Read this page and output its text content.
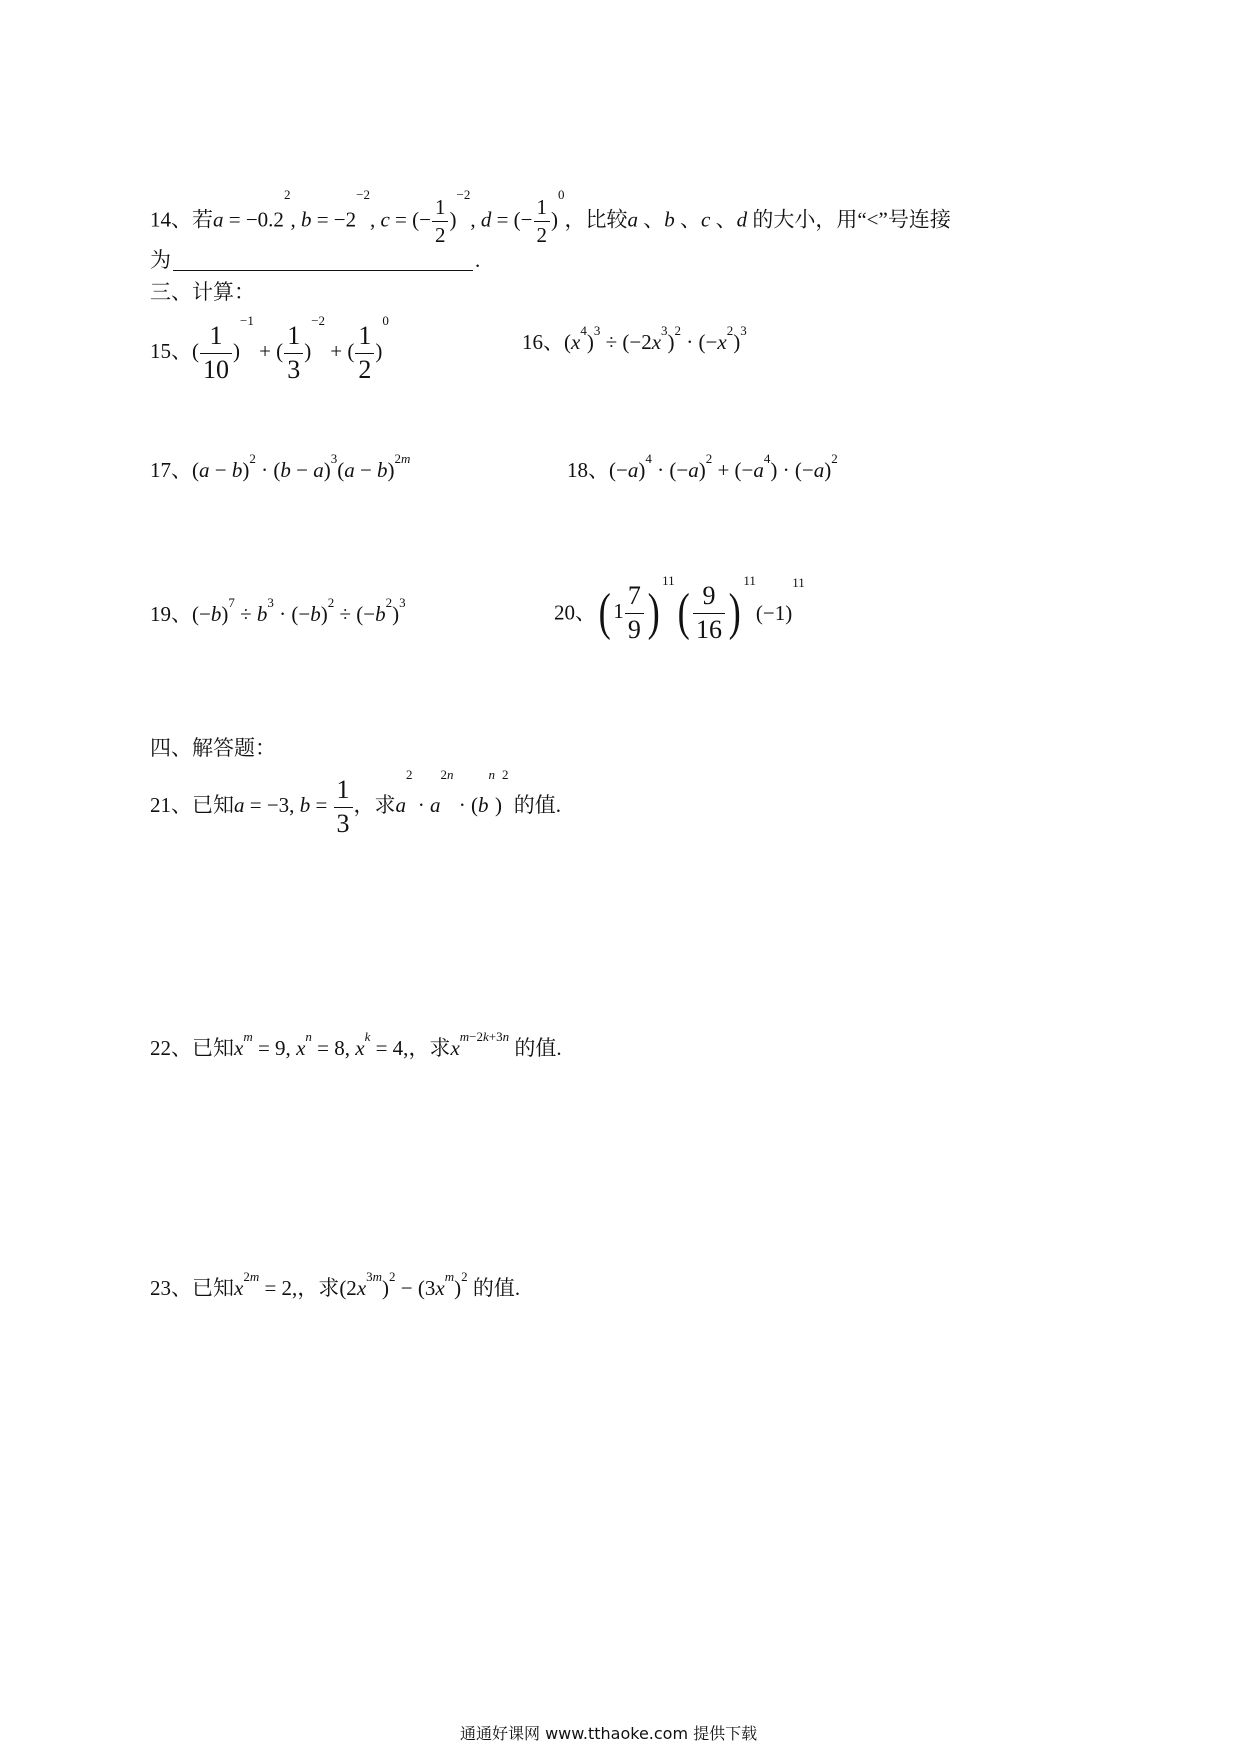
14、若$a = -0.2^2$, $b = -2^{-2}$, c = (− $\frac{1}{2} )^{-2}$, d = (− $\frac{1}{2} )^0$，比较a 、b 、c 、d 的大小，用“<”号连接
为	.
三、计算：
15、( $\frac{1}{10} )^{-1}$ + ( $\frac{1}{3} )^{-2}$ + ( $\frac{1}{2} )^0$
16、$(x^4)^3 \div (-2x^3)^2 \cdot (-x^2)^3$
17、$(a - b)^2 \cdot (b - a)^3(a - b)^{2m}$	18、$(-a)^4 \cdot (-a)^2 + (-a^4) \cdot (-a)^2$
19、$(-b)^7 \div b^3 \cdot (-b)^2 \div (-b^2)^3$	20、( $1 \frac{7}{9} )^{11}( \frac{9}{16} )^{11}(-1)^{11}$
四、解答题：
21、已知a = −3, $b = \frac{1}{3}$ ，求$a^2 \cdot a^{2n} \cdot (b^n)^2$ 的值.
22、已知$x^m = 9$, $x^n = 8$, $x^k = 4$,，求$x^{m-2k+3n}$ 的值.
23、已知$x^{2m} = 2$,，求$(2x^{3m})^2 - (3x^m)^2$ 的值.
通通好课网 www.tthaoke.com 提供下载
